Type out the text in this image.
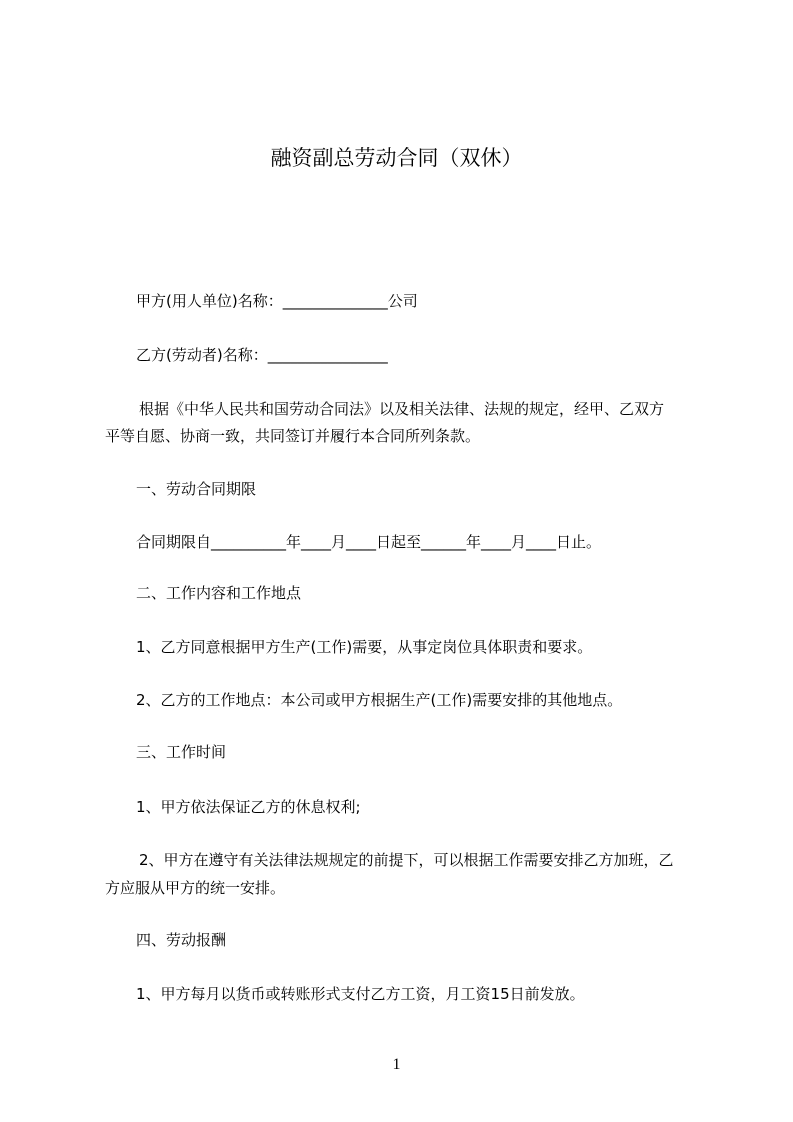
融资副总劳动合同（双休）
甲方(用人单位)名称：______________公司
乙方(劳动者)名称：________________
根据《中华人民共和国劳动合同法》以及相关法律、法规的规定，经甲、乙双方
平等自愿、协商一致，共同签订并履行本合同所列条款。
一、劳动合同期限
合同期限自__________年____月____日起至______年____月____日止。
二、工作内容和工作地点
1、乙方同意根据甲方生产(工作)需要，从事定岗位具体职责和要求。
2、乙方的工作地点：本公司或甲方根据生产(工作)需要安排的其他地点。
三、工作时间
1、甲方依法保证乙方的休息权利;
2、甲方在遵守有关法律法规规定的前提下，可以根据工作需要安排乙方加班，乙
方应服从甲方的统一安排。
四、劳动报酬
1、甲方每月以货币或转账形式支付乙方工资，月工资15日前发放。
1
